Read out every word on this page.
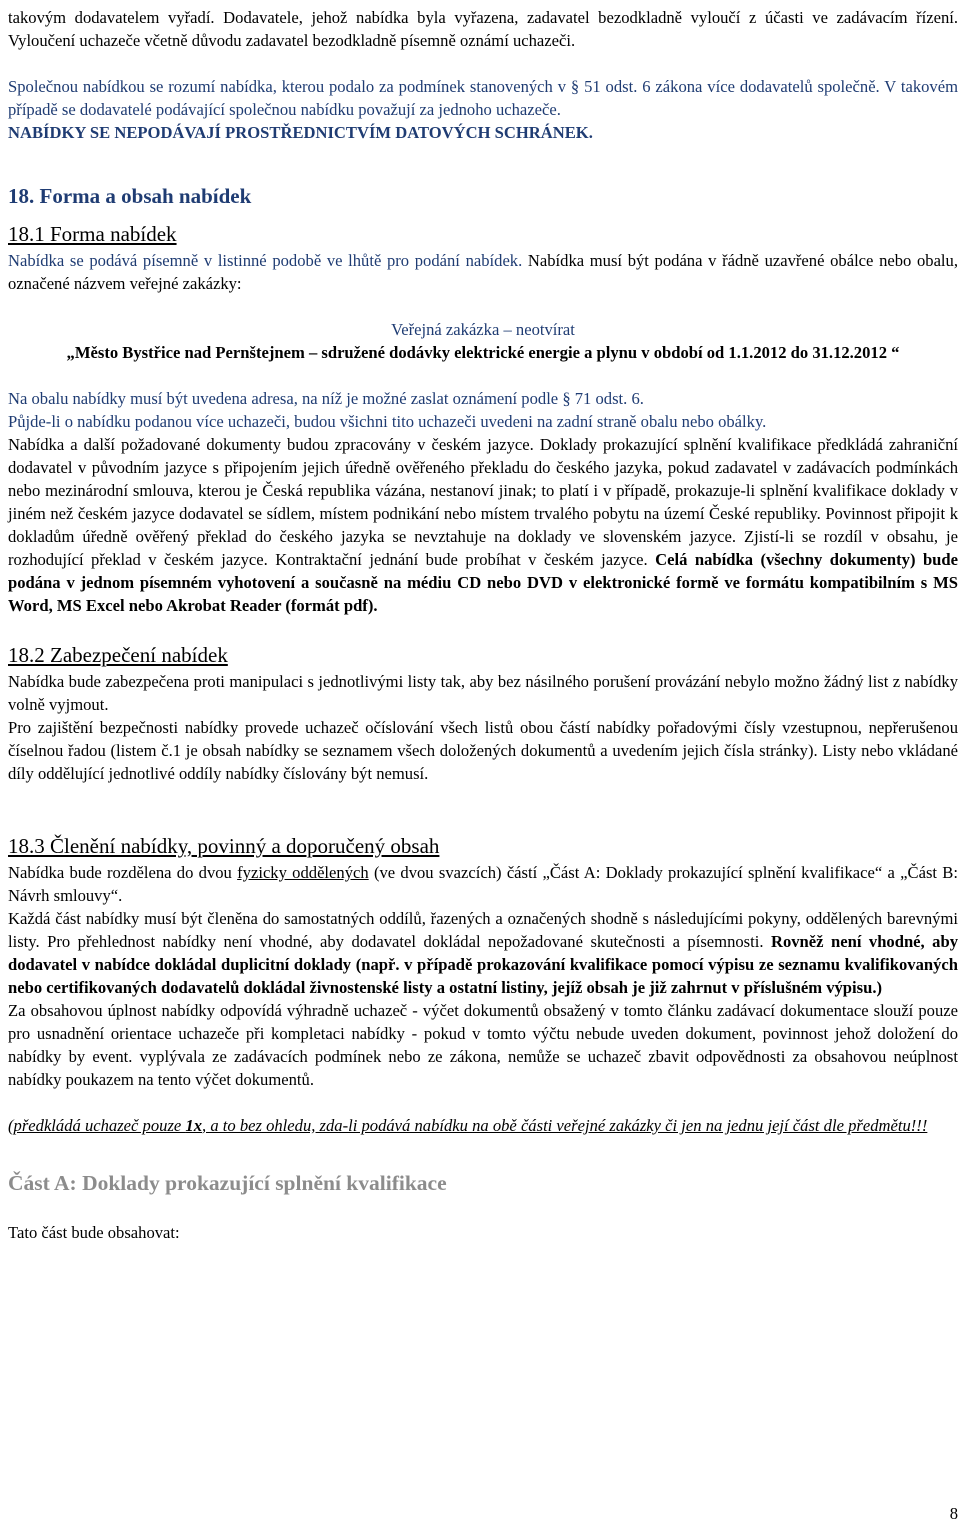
takovým dodavatelem vyřadí. Dodavatele, jehož nabídka byla vyřazena, zadavatel bezodkladně vyloučí z účasti ve zadávacím řízení. Vyloučení uchazeče včetně důvodu zadavatel bezodkladně písemně oznámí uchazeči.

Společnou nabídkou se rozumí nabídka, kterou podalo za podmínek stanovených v § 51 odst. 6 zákona více dodavatelů společně. V takovém případě se dodavatelé podávající společnou nabídku považují za jednoho uchazeče.

NABÍDKY SE NEPODÁVAJÍ PROSTŘEDNICTVÍM DATOVÝCH SCHRÁNEK.

18. Forma a obsah nabídek
18.1 Forma nabídek

Nabídka se podává písemně v listinné podobě ve lhůtě pro podání nabídek. Nabídka musí být podána v řádně uzavřené obálce nebo obalu, označené názvem veřejné zakázky:

Veřejná zakázka – neotvírat

„Město Bystřice nad Pernštejnem – sdružené dodávky elektrické energie a plynu v období od 1.1.2012 do 31.12.2012 “

Na obalu nabídky musí být uvedena adresa, na níž je možné zaslat oznámení podle § 71 odst. 6.

Půjde-li o nabídku podanou více uchazeči, budou všichni tito uchazeči uvedeni na zadní straně obalu nebo obálky.

Nabídka a další požadované dokumenty budou zpracovány v českém jazyce. Doklady prokazující splnění kvalifikace předkládá zahraniční dodavatel v původním jazyce s připojením jejich úředně ověřeného překladu do českého jazyka, pokud zadavatel v zadávacích podmínkách nebo mezinárodní smlouva, kterou je Česká republika vázána, nestanoví jinak; to platí i v případě, prokazuje-li splnění kvalifikace doklady v jiném než českém jazyce dodavatel se sídlem, místem podnikání nebo místem trvalého pobytu na území České republiky. Povinnost připojit k dokladům úředně ověřený překlad do českého jazyka se nevztahuje na doklady ve slovenském jazyce. Zjistí-li se rozdíl v obsahu, je rozhodující překlad v českém jazyce. Kontraktační jednání bude probíhat v českém jazyce. Celá nabídka (všechny dokumenty) bude podána v jednom písemném vyhotovení a současně na médiu CD nebo DVD v elektronické formě ve formátu kompatibilním s MS Word, MS Excel nebo Akrobat Reader (formát pdf).

18.2 Zabezpečení nabídek

Nabídka bude zabezpečena proti manipulaci s jednotlivými listy tak, aby bez násilného porušení provázání nebylo možno žádný list z nabídky volně vyjmout.

Pro zajištění bezpečnosti nabídky provede uchazeč očíslování všech listů obou částí nabídky pořadovými čísly vzestupnou, nepřerušenou číselnou řadou (listem č.1 je obsah nabídky se seznamem všech doložených dokumentů a uvedením jejich čísla stránky). Listy nebo vkládané díly oddělující jednotlivé oddíly nabídky číslovány být nemusí.

18.3 Členění nabídky, povinný a doporučený obsah

Nabídka bude rozdělena do dvou fyzicky oddělených (ve dvou svazcích) částí „Část A: Doklady prokazující splnění kvalifikace“ a „Část B: Návrh smlouvy“.

Každá část nabídky musí být členěna do samostatných oddílů, řazených a označených shodně s následujícími pokyny, oddělených barevnými listy. Pro přehlednost nabídky není vhodné, aby dodavatel dokládal nepožadované skutečnosti a písemnosti. Rovněž není vhodné, aby dodavatel v nabídce dokládal duplicitní doklady (např. v případě prokazování kvalifikace pomocí výpisu ze seznamu kvalifikovaných nebo certifikovaných dodavatelů dokládal živnostenské listy a ostatní listiny, jejíž obsah je již zahrnut v příslušném výpisu.)

Za obsahovou úplnost nabídky odpovídá výhradně uchazeč - výčet dokumentů obsažený v tomto článku zadávací dokumentace slouží pouze pro usnadnění orientace uchazeče při kompletaci nabídky - pokud v tomto výčtu nebude uveden dokument, povinnost jehož doložení do nabídky by event. vyplývala ze zadávacích podmínek nebo ze zákona, nemůže se uchazeč zbavit odpovědnosti za obsahovou neúplnost nabídky poukazem na tento výčet dokumentů.

(předkládá uchazeč pouze 1x, a to bez ohledu, zda-li podává nabídku na obě části veřejné zakázky či jen na jednu její část dle předmětu!!!

Část A: Doklady prokazující splnění kvalifikace

Tato část bude obsahovat:

8
